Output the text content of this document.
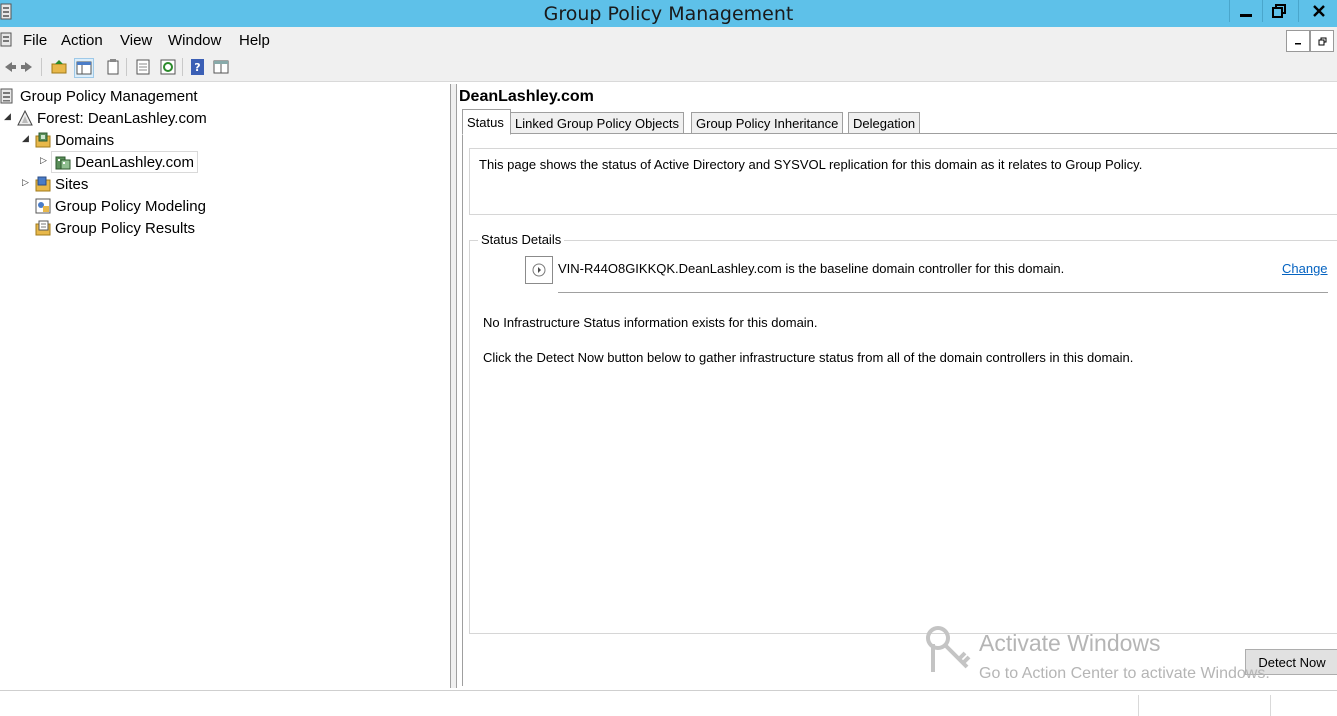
Group Policy Management
File Action View Window Help
?
Group Policy Management
◢ Forest: DeanLashley.com
◢ Domains
▷ DeanLashley.com
▷ Sites
Group Policy Modeling
Group Policy Results
DeanLashley.com
Status Linked Group Policy Objects	Group Policy Inheritance	Delegation
This page shows the status of Active Directory and SYSVOL replication for this domain as it relates to Group Policy.
Status Details
VIN-R44O8GIKKQK.DeanLashley.com is the baseline domain controller for this domain.	Change
No Infrastructure Status information exists for this domain.
Click the Detect Now button below to gather infrastructure status from all of the domain controllers in this domain.
Detect Now
Activate Windows
Go to Action Center to activate Windows.
